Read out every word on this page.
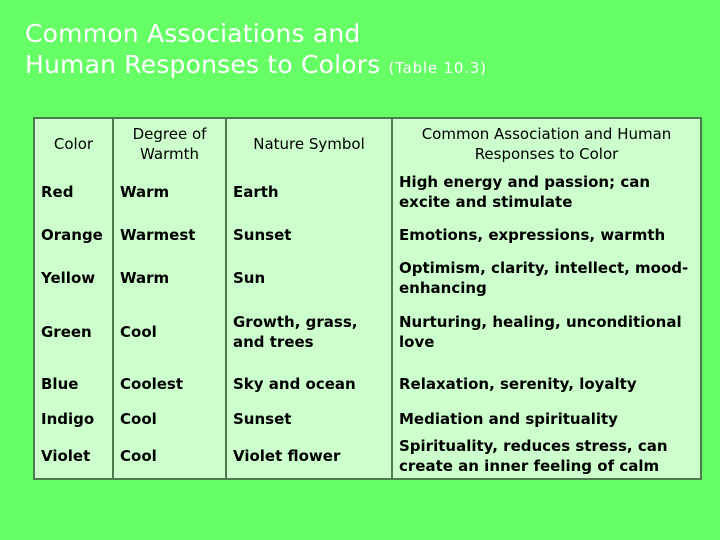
Common Associations and
Human Responses to Colors (Table 10.3)
Color	Degree of Warmth	Nature Symbol	Common Association and Human Responses to Color
Red	Warm	Earth	High energy and passion; can excite and stimulate
Orange	Warmest	Sunset	Emotions, expressions, warmth
Yellow	Warm	Sun	Optimism, clarity, intellect, mood-enhancing
Green	Cool	Growth, grass, and trees	Nurturing, healing, unconditional love
Blue	Coolest	Sky and ocean	Relaxation, serenity, loyalty
Indigo	Cool	Sunset	Mediation and spirituality
Violet	Cool	Violet flower	Spirituality, reduces stress, can create an inner feeling of calm
